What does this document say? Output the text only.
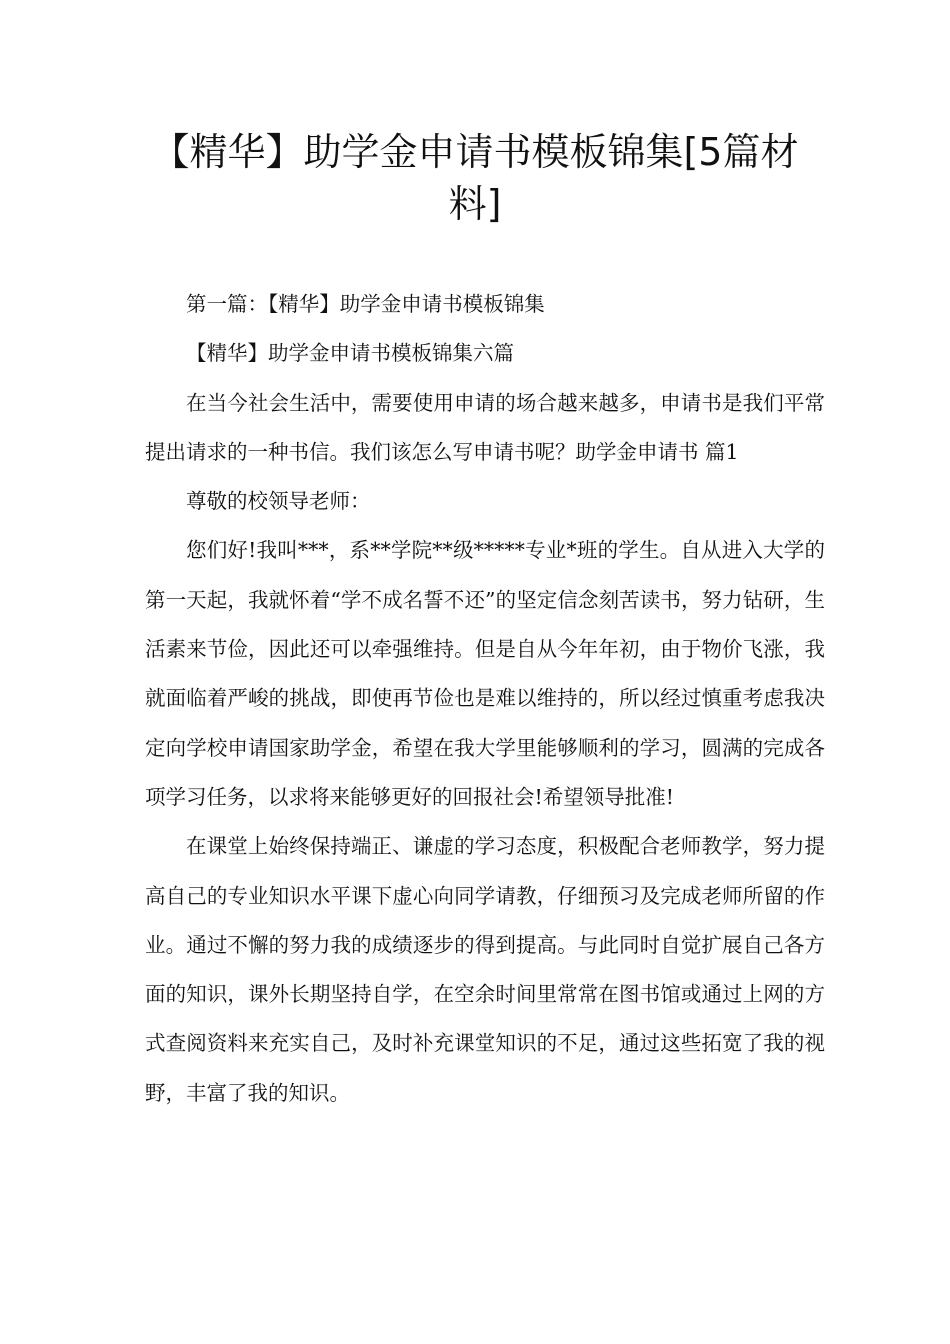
【精华】助学金申请书模板锦集[5篇材料]

第一篇：【精华】助学金申请书模板锦集

【精华】助学金申请书模板锦集六篇

在当今社会生活中，需要使用申请的场合越来越多，申请书是我们平常提出请求的一种书信。我们该怎么写申请书呢？助学金申请书 篇1

尊敬的校领导老师：

您们好!我叫***，系**学院**级*****专业*班的学生。自从进入大学的第一天起，我就怀着“学不成名誓不还”的坚定信念刻苦读书，努力钻研，生活素来节俭，因此还可以牵强维持。但是自从今年年初，由于物价飞涨，我就面临着严峻的挑战，即使再节俭也是难以维持的，所以经过慎重考虑我决定向学校申请国家助学金，希望在我大学里能够顺利的学习，圆满的完成各项学习任务，以求将来能够更好的回报社会!希望领导批准!

在课堂上始终保持端正、谦虚的学习态度，积极配合老师教学，努力提高自己的专业知识水平课下虚心向同学请教，仔细预习及完成老师所留的作业。通过不懈的努力我的成绩逐步的得到提高。与此同时自觉扩展自己各方面的知识，课外长期坚持自学，在空余时间里常常在图书馆或通过上网的方式查阅资料来充实自己，及时补充课堂知识的不足，通过这些拓宽了我的视野，丰富了我的知识。
